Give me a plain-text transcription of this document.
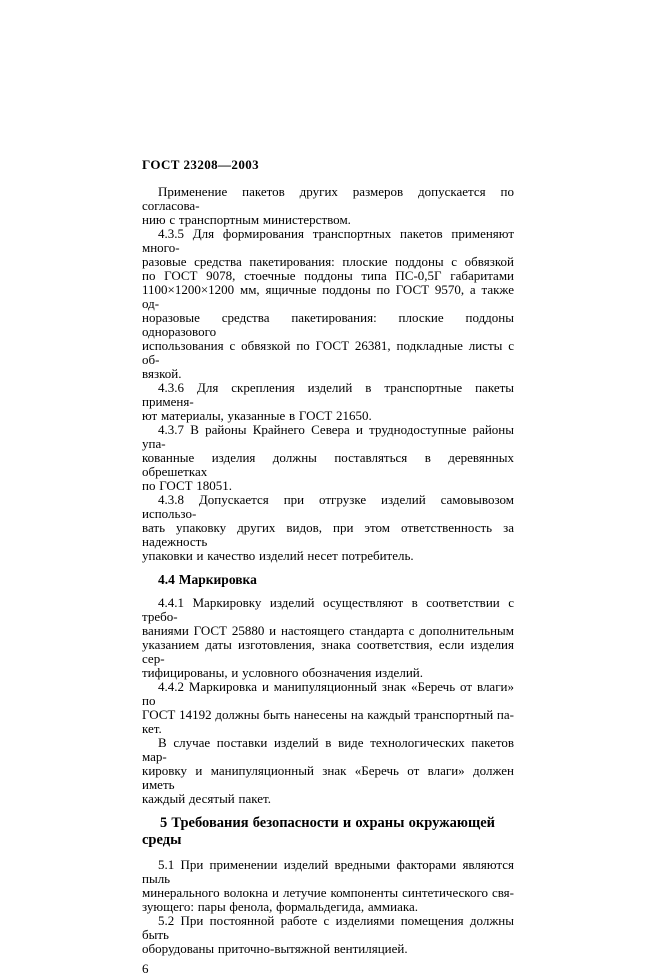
ГОСТ 23208—2003
Применение пакетов других размеров допускается по согласова-
нию с транспортным министерством.
4.3.5 Для формирования транспортных пакетов применяют много-
разовые средства пакетирования: плоские поддоны с обвязкой
по ГОСТ 9078, стоечные поддоны типа ПС-0,5Г габаритами
1100×1200×1200 мм, ящичные поддоны по ГОСТ 9570, а также од-
норазовые средства пакетирования: плоские поддоны одноразового
использования с обвязкой по ГОСТ 26381, подкладные листы с об-
вязкой.
4.3.6 Для скрепления изделий в транспортные пакеты применя-
ют материалы, указанные в ГОСТ 21650.
4.3.7 В районы Крайнего Севера и труднодоступные районы упа-
кованные изделия должны поставляться в деревянных обрешетках
по ГОСТ 18051.
4.3.8 Допускается при отгрузке изделий самовывозом использо-
вать упаковку других видов, при этом ответственность за надежность
упаковки и качество изделий несет потребитель.
4.4 Маркировка
4.4.1 Маркировку изделий осуществляют в соответствии с требо-
ваниями ГОСТ 25880 и настоящего стандарта с дополнительным
указанием даты изготовления, знака соответствия, если изделия сер-
тифицированы, и условного обозначения изделий.
4.4.2 Маркировка и манипуляционный знак «Беречь от влаги» по
ГОСТ 14192 должны быть нанесены на каждый транспортный па-
кет.
В случае поставки изделий в виде технологических пакетов мар-
кировку и манипуляционный знак «Беречь от влаги» должен иметь
каждый десятый пакет.
5 Требования безопасности и охраны окружающей среды
5.1 При применении изделий вредными факторами являются пыль
минерального волокна и летучие компоненты синтетического свя-
зующего: пары фенола, формальдегида, аммиака.
5.2 При постоянной работе с изделиями помещения должны быть
оборудованы приточно-вытяжной вентиляцией.
6
